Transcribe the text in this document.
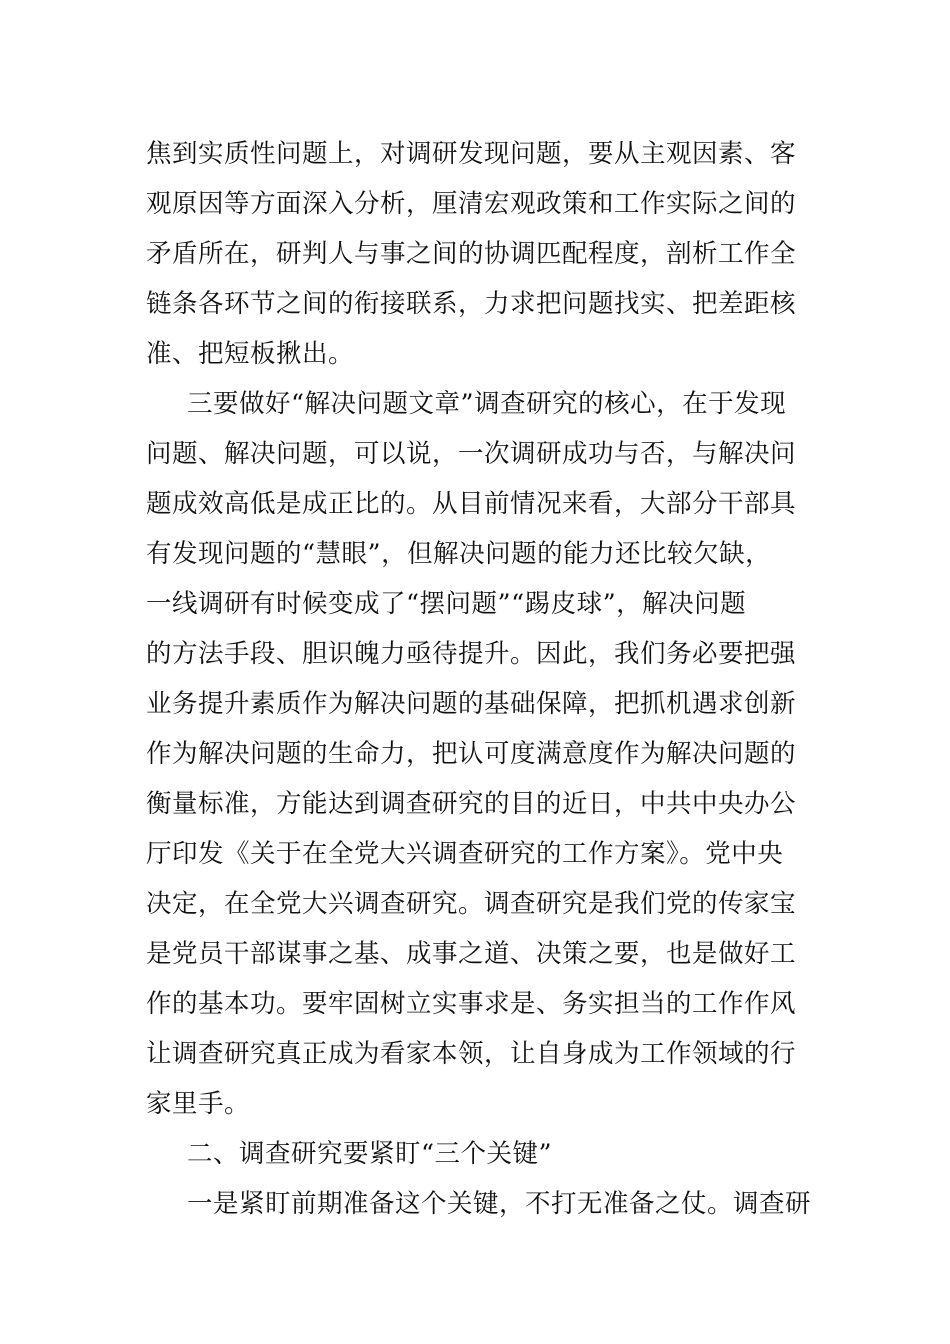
焦到实质性问题上，对调研发现问题，要从主观因素、客
观原因等方面深入分析，厘清宏观政策和工作实际之间的
矛盾所在，研判人与事之间的协调匹配程度，剖析工作全
链条各环节之间的衔接联系，力求把问题找实、把差距核
准、把短板揪出。
三要做好“解决问题文章”调查研究的核心，在于发现
问题、解决问题，可以说，一次调研成功与否，与解决问
题成效高低是成正比的。从目前情况来看，大部分干部具
有发现问题的“慧眼”，但解决问题的能力还比较欠缺，
一线调研有时候变成了“摆问题”“踢皮球”，解决问题
的方法手段、胆识魄力亟待提升。因此，我们务必要把强
业务提升素质作为解决问题的基础保障，把抓机遇求创新
作为解决问题的生命力，把认可度满意度作为解决问题的
衡量标准，方能达到调查研究的目的近日，中共中央办公
厅印发《关于在全党大兴调查研究的工作方案》。党中央
决定，在全党大兴调查研究。调查研究是我们党的传家宝
是党员干部谋事之基、成事之道、决策之要，也是做好工
作的基本功。要牢固树立实事求是、务实担当的工作作风
让调查研究真正成为看家本领，让自身成为工作领域的行
家里手。
二、调查研究要紧盯“三个关键”
一是紧盯前期准备这个关键，不打无准备之仗。调查研
